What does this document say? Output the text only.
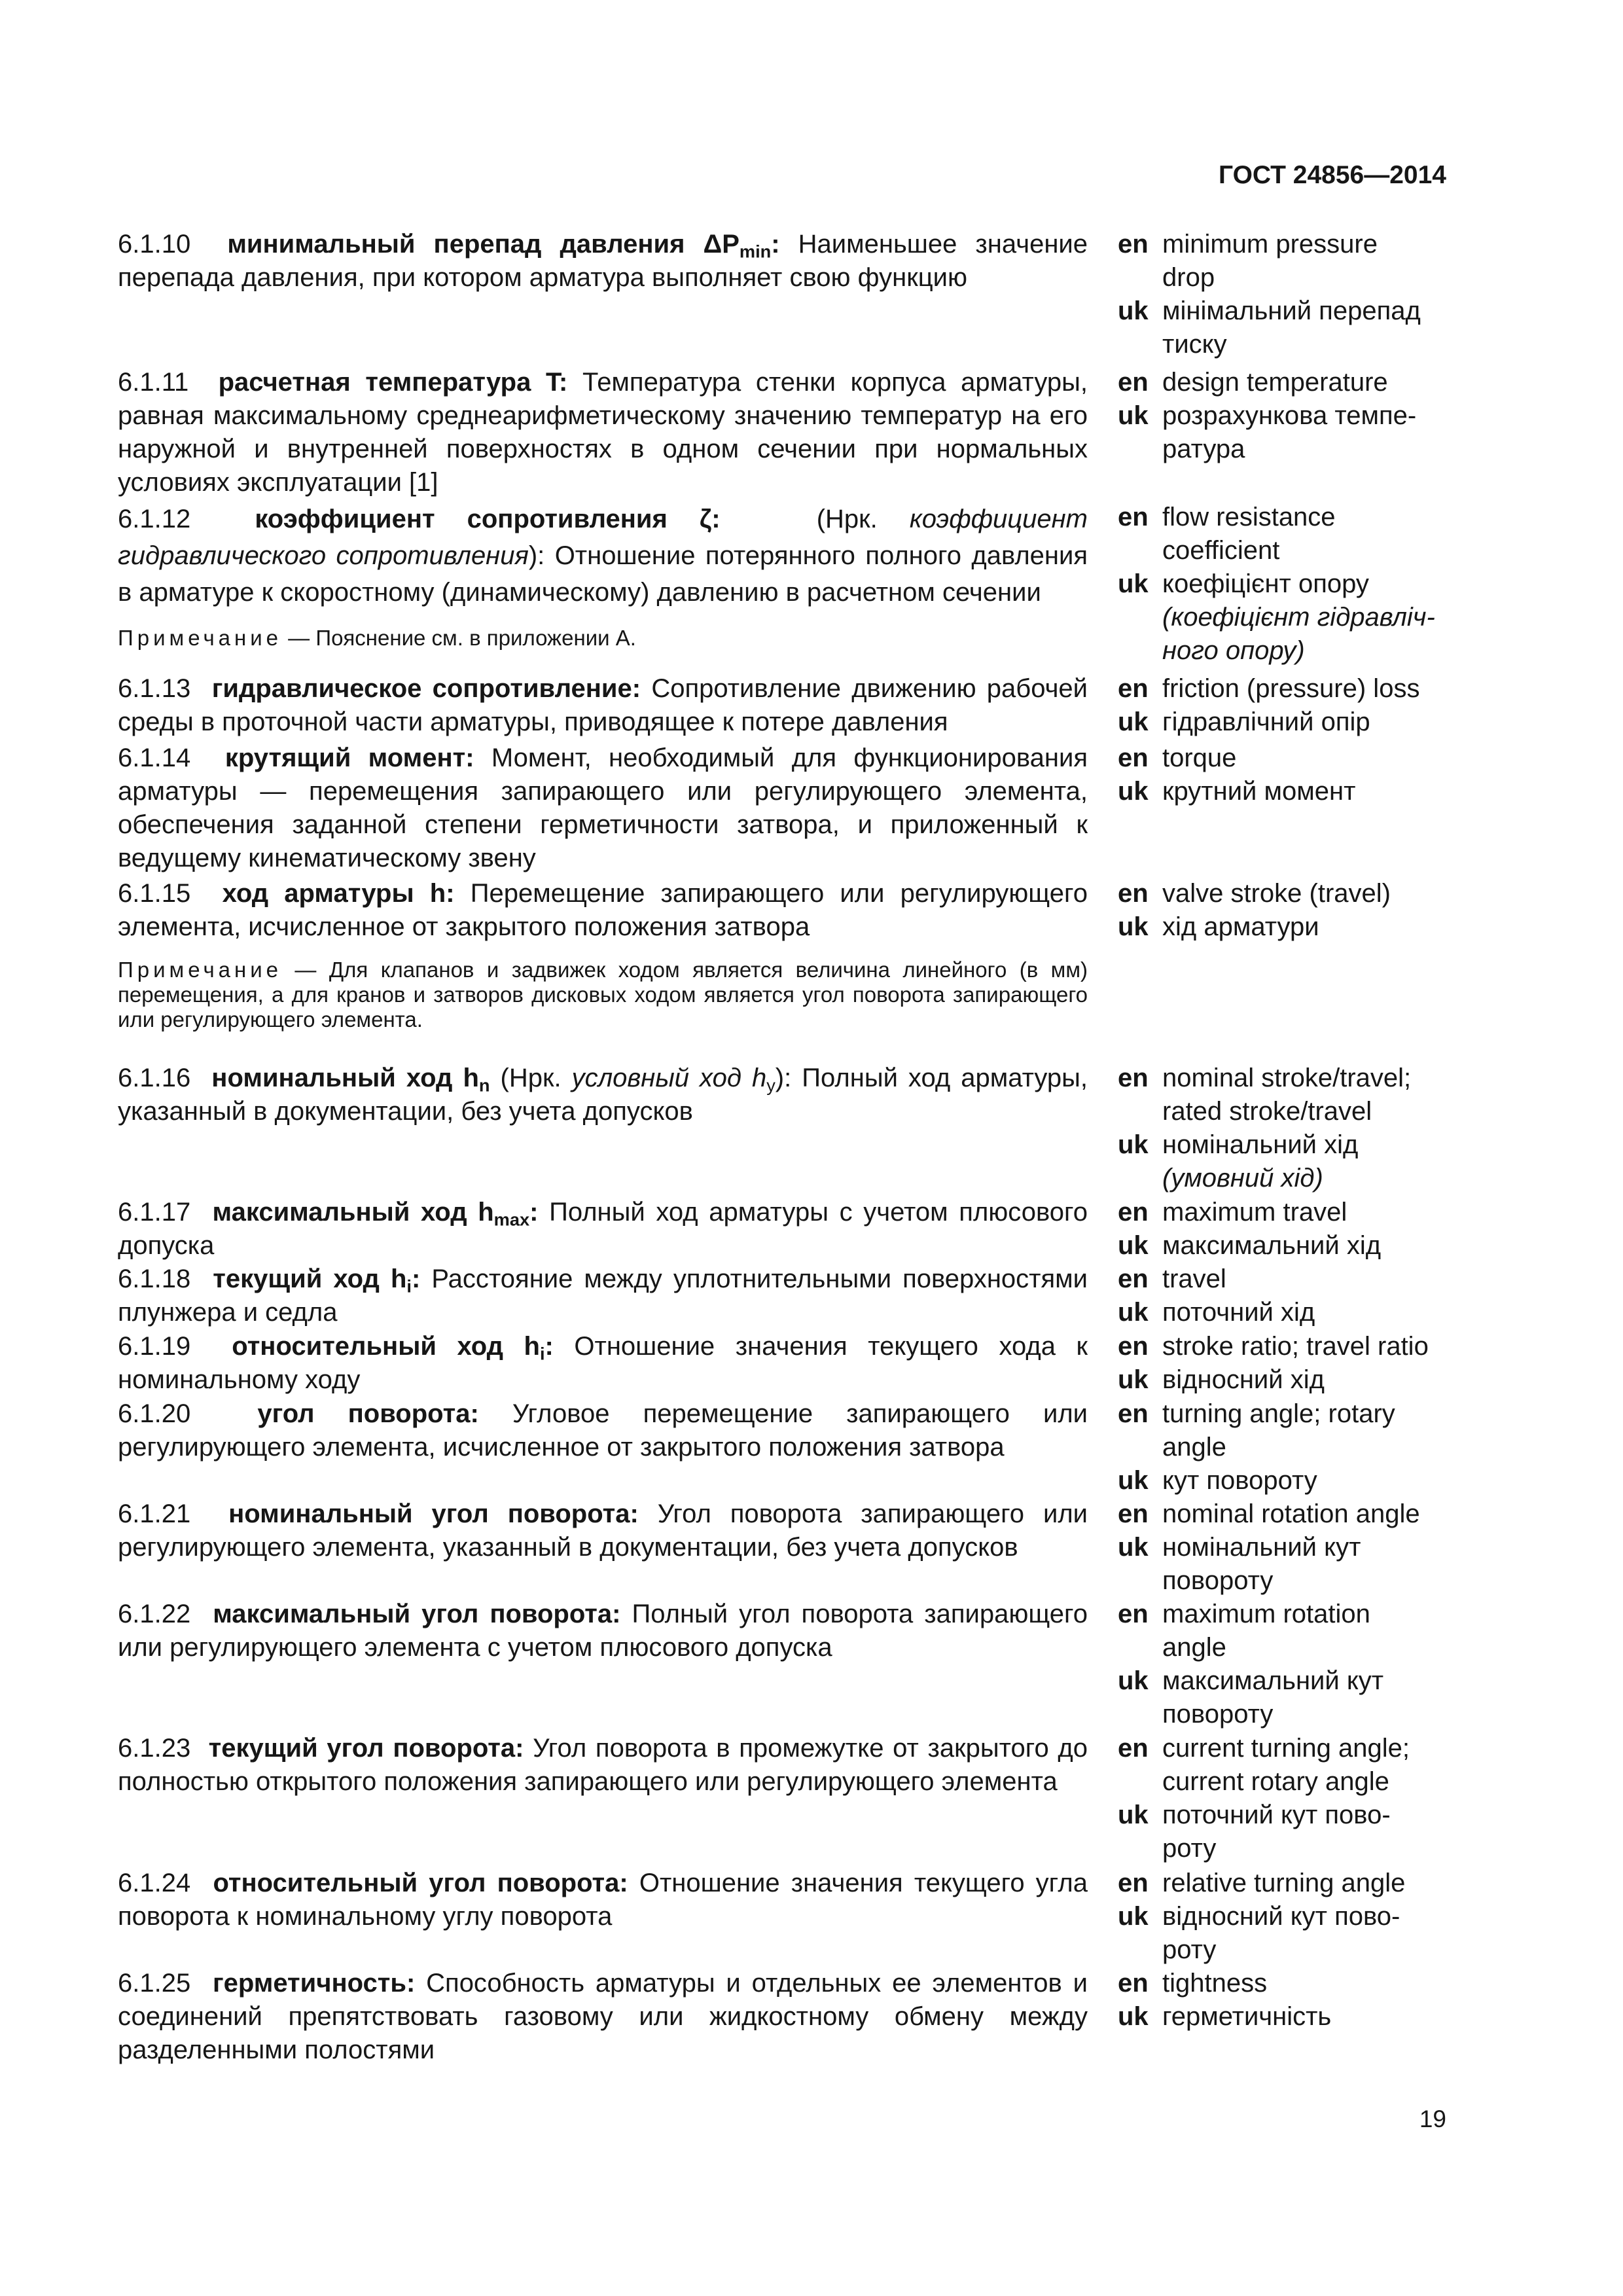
ГОСТ 24856—2014
6.1.10 минимальный перепад давления $\Delta P_{min}$: Наименьшее значение перепада давления, при котором арматура выполняет свою функцию
en minimum pressure
drop
uk мінімальний перепад
тиску
6.1.11 расчетная температура T: Температура стенки корпуса арматуры, равная максимальному среднеарифметическому значению температур на его наружной и внутренней поверхностях в одном сечении при нормальных условиях эксплуатации [1]
en design temperature
uk розрахункова темпе-
ратура
6.1.12 коэффициент сопротивления ζ:   (Нрк. коэффициент гидравлического сопротивления): Отношение потерянного полного давления в арматуре к скоростному (динамическому) давлению в расчетном сечении
Примечание — Пояснение см. в приложении А.
en flow resistance
coefficient
uk коефіцієнт опору
(коефіцієнт гідравліч-
ного опору)
6.1.13 гидравлическое сопротивление: Сопротивление движению рабочей среды в проточной части арматуры, приводящее к потере давления
en friction (pressure) loss
uk гідравлічний опір
6.1.14 крутящий момент: Момент, необходимый для функционирования арматуры — перемещения запирающего или регулирующего элемента, обеспечения заданной степени герметичности затвора, и приложенный к ведущему кинематическому звену
en torque
uk крутний момент
6.1.15 ход арматуры h: Перемещение запирающего или регулирующего элемента, исчисленное от закрытого положения затвора
Примечание — Для клапанов и задвижек ходом является величина линейного (в мм) перемещения, а для кранов и затворов дисковых ходом является угол поворота запирающего или регулирующего элемента.
en valve stroke (travel)
uk хід арматури
6.1.16 номинальный ход $h_n$ (Нрк. условный ход $h_y$): Полный ход арматуры, указанный в документации, без учета допусков
en nominal stroke/travel;
rated stroke/travel
uk номінальний хід
(умовний хід)
6.1.17 максимальный ход $h_{max}$: Полный ход арматуры с учетом плюсового допуска
en maximum travel
uk максимальний хід
6.1.18 текущий ход $h_i$: Расстояние между уплотнительными поверхностями плунжера и седла
en travel
uk поточний хід
6.1.19 относительный ход $h_i$: Отношение значения текущего хода к номинальному ходу
en stroke ratio; travel ratio
uk відносний хід
6.1.20	угол поворота: Угловое перемещение запирающего или регулирующего элемента, исчисленное от закрытого положения затвора
en turning angle; rotary
angle
uk кут повороту
6.1.21 номинальный угол поворота: Угол поворота запирающего или регулирующего элемента, указанный в документации, без учета допусков
en nominal rotation angle
uk номінальний кут
повороту
6.1.22 максимальный угол поворота: Полный угол поворота запирающего или регулирующего элемента с учетом плюсового допуска
en maximum rotation
angle
uk максимальний кут
повороту
6.1.23 текущий угол поворота: Угол поворота в промежутке от закрытого до полностью открытого положения запирающего или регулирующего элемента
en current turning angle;
current rotary angle
uk поточний кут пово-
роту
6.1.24 относительный угол поворота: Отношение значения текущего угла поворота к номинальному углу поворота
en relative turning angle
uk відносний кут пово-
роту
6.1.25 герметичность: Способность арматуры и отдельных ее элементов и соединений препятствовать газовому или жидкостному обмену между разделенными полостями
en tightness
uk герметичність
19
